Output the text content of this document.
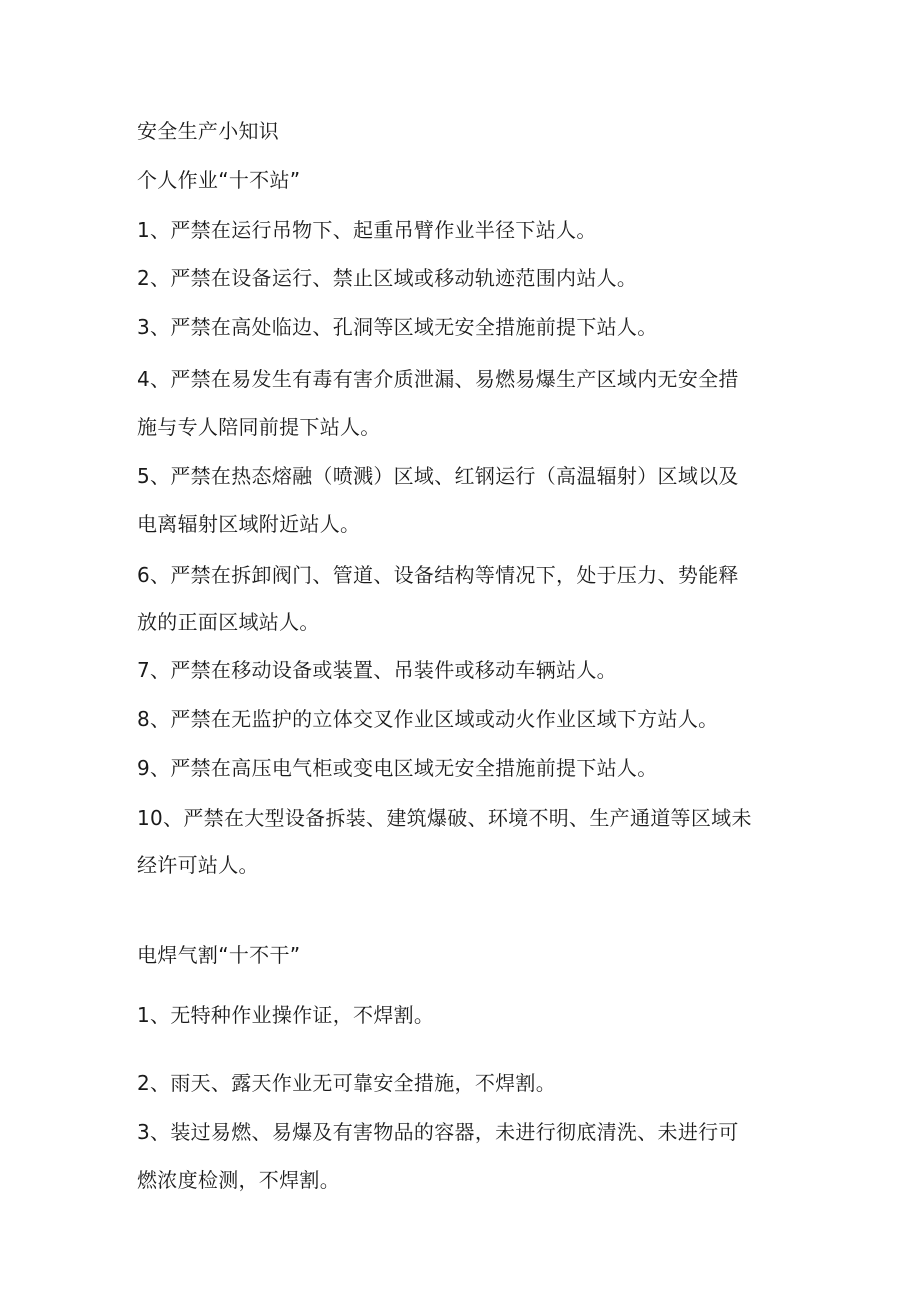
安全生产小知识
个人作业“十不站”
1、严禁在运行吊物下、起重吊臂作业半径下站人。
2、严禁在设备运行、禁止区域或移动轨迹范围内站人。
3、严禁在高处临边、孔洞等区域无安全措施前提下站人。
4、严禁在易发生有毒有害介质泄漏、易燃易爆生产区域内无安全措
施与专人陪同前提下站人。
5、严禁在热态熔融（喷溅）区域、红钢运行（高温辐射）区域以及
电离辐射区域附近站人。
6、严禁在拆卸阀门、管道、设备结构等情况下，处于压力、势能释
放的正面区域站人。
7、严禁在移动设备或装置、吊装件或移动车辆站人。
8、严禁在无监护的立体交叉作业区域或动火作业区域下方站人。
9、严禁在高压电气柜或变电区域无安全措施前提下站人。
10、严禁在大型设备拆装、建筑爆破、环境不明、生产通道等区域未
经许可站人。
电焊气割“十不干”
1、无特种作业操作证，不焊割。
2、雨天、露天作业无可靠安全措施，不焊割。
3、装过易燃、易爆及有害物品的容器，未进行彻底清洗、未进行可
燃浓度检测，不焊割。
